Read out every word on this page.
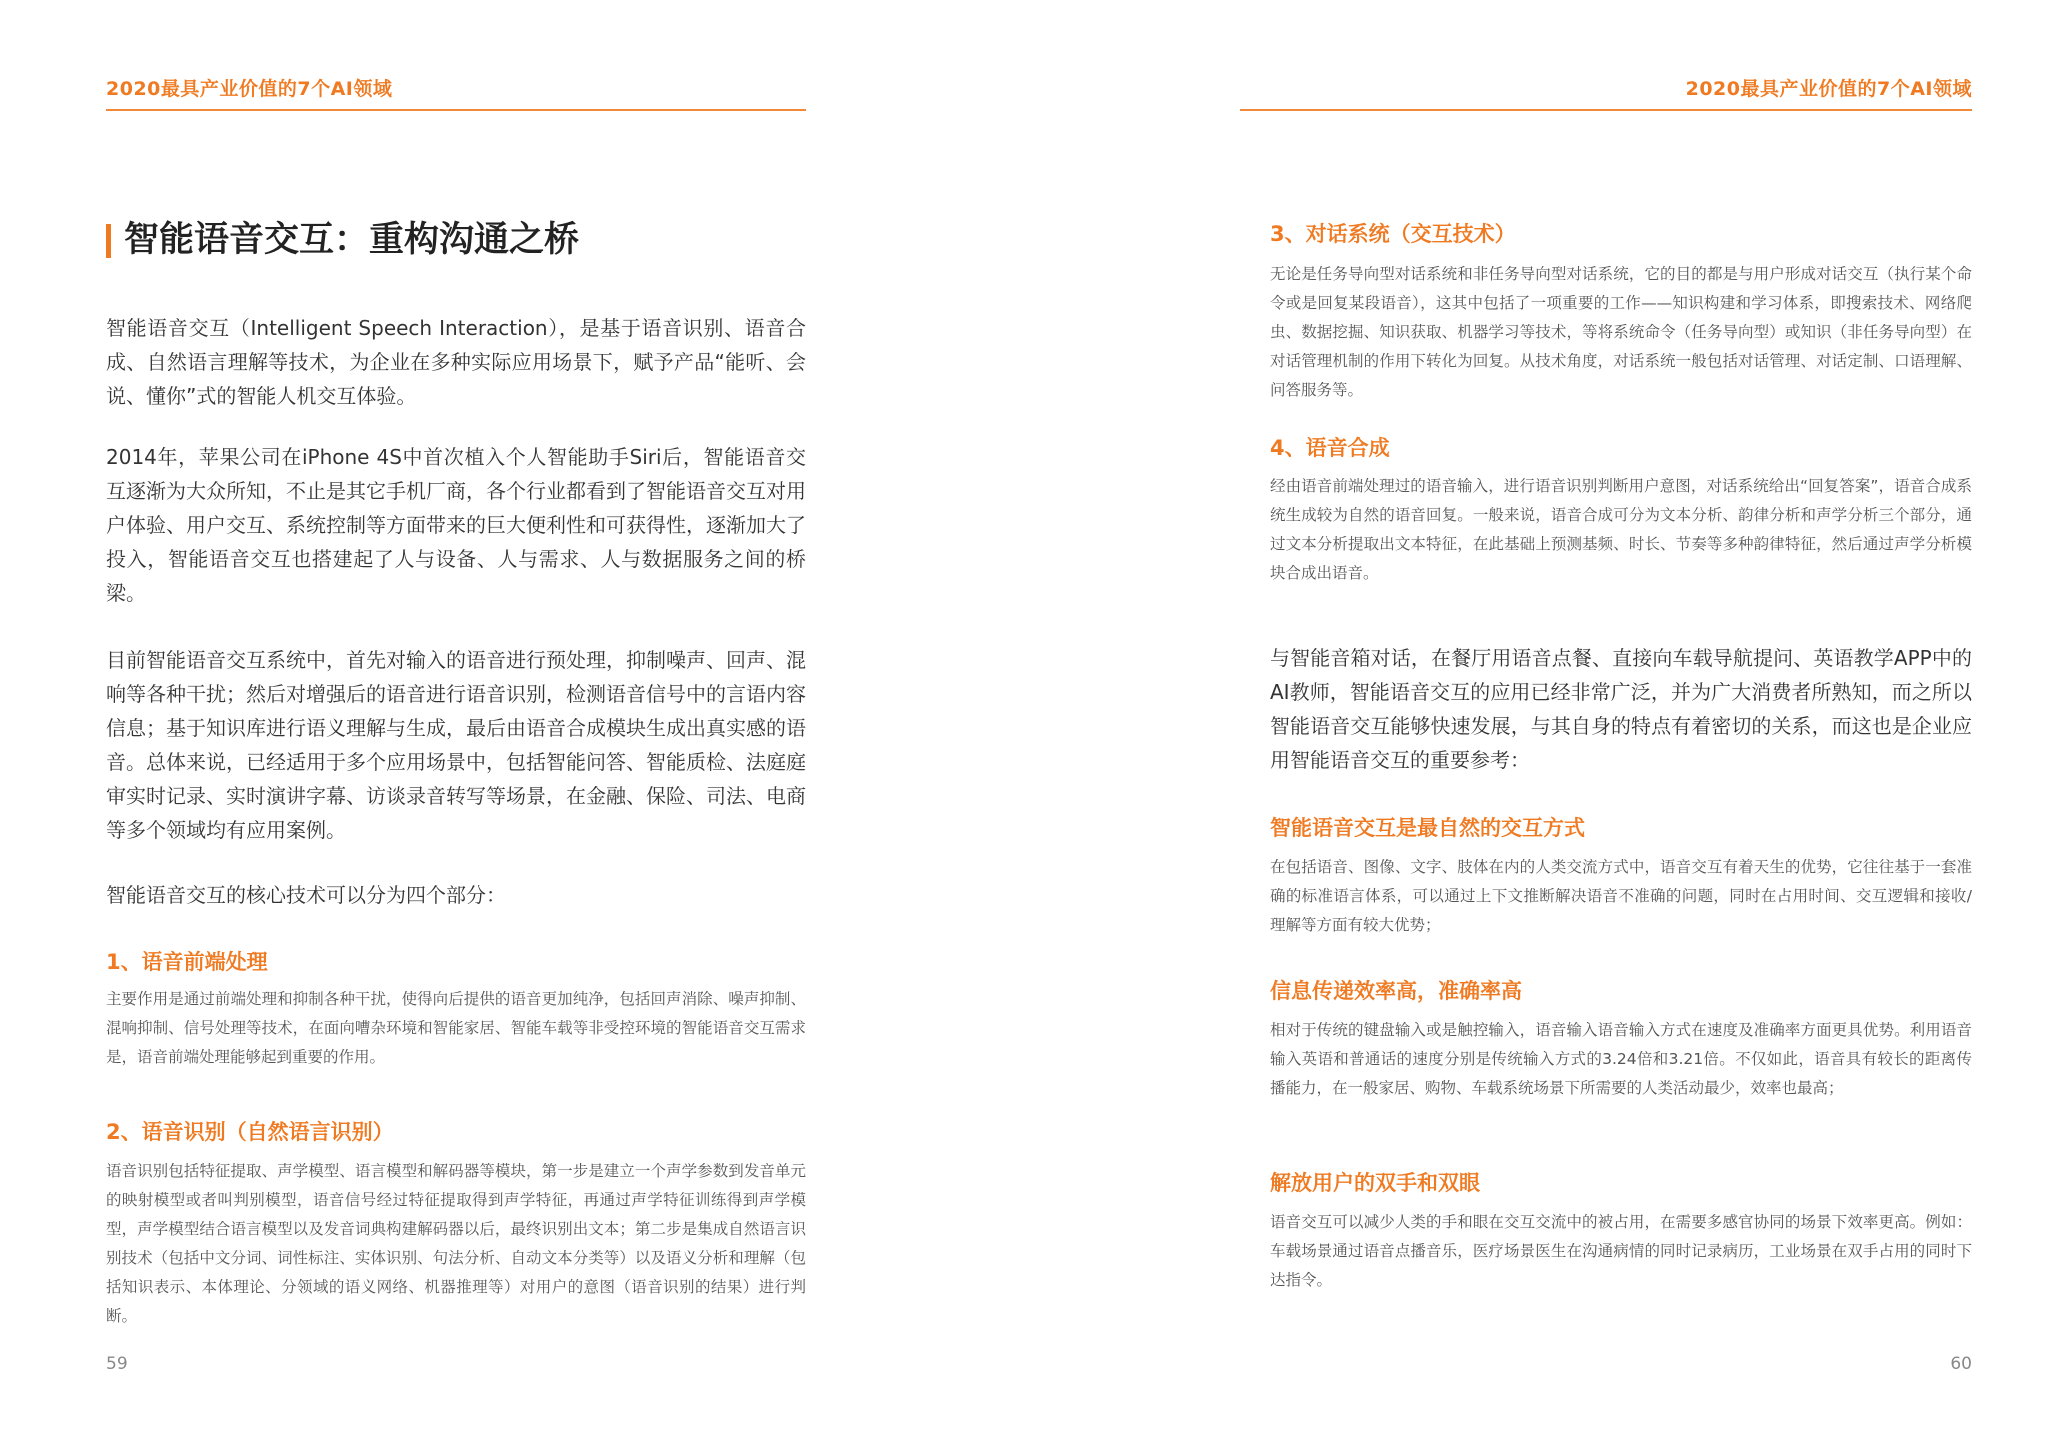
2020最具产业价值的7个AI领域	2020最具产业价值的7个AI领域
智能语音交互：重构沟通之桥

智能语音交互（Intelligent Speech Interaction），是基于语音识别、语音合成、自然语言理解等技术，为企业在多种实际应用场景下，赋予产品“能听、会说、懂你”式的智能人机交互体验。

2014年，苹果公司在iPhone 4S中首次植入个人智能助手Siri后，智能语音交互逐渐为大众所知，不止是其它手机厂商，各个行业都看到了智能语音交互对用户体验、用户交互、系统控制等方面带来的巨大便利性和可获得性，逐渐加大了投入，智能语音交互也搭建起了人与设备、人与需求、人与数据服务之间的桥梁。

目前智能语音交互系统中，首先对输入的语音进行预处理，抑制噪声、回声、混响等各种干扰；然后对增强后的语音进行语音识别，检测语音信号中的言语内容信息；基于知识库进行语义理解与生成，最后由语音合成模块生成出真实感的语音。总体来说，已经适用于多个应用场景中，包括智能问答、智能质检、法庭庭审实时记录、实时演讲字幕、访谈录音转写等场景，在金融、保险、司法、电商等多个领域均有应用案例。

智能语音交互的核心技术可以分为四个部分：

1、语音前端处理

主要作用是通过前端处理和抑制各种干扰，使得向后提供的语音更加纯净，包括回声消除、噪声抑制、混响抑制、信号处理等技术，在面向嘈杂环境和智能家居、智能车载等非受控环境的智能语音交互需求是，语音前端处理能够起到重要的作用。

2、语音识别（自然语言识别）

语音识别包括特征提取、声学模型、语言模型和解码器等模块，第一步是建立一个声学参数到发音单元的映射模型或者叫判别模型，语音信号经过特征提取得到声学特征，再通过声学特征训练得到声学模型，声学模型结合语言模型以及发音词典构建解码器以后，最终识别出文本；第二步是集成自然语言识别技术（包括中文分词、词性标注、实体识别、句法分析、自动文本分类等）以及语义分析和理解（包括知识表示、本体理论、分领域的语义网络、机器推理等）对用户的意图（语音识别的结果）进行判断。

59
3、对话系统（交互技术）

无论是任务导向型对话系统和非任务导向型对话系统，它的目的都是与用户形成对话交互（执行某个命令或是回复某段语音），这其中包括了一项重要的工作——知识构建和学习体系，即搜索技术、网络爬虫、数据挖掘、知识获取、机器学习等技术，等将系统命令（任务导向型）或知识（非任务导向型）在对话管理机制的作用下转化为回复。从技术角度，对话系统一般包括对话管理、对话定制、口语理解、问答服务等。

4、语音合成

经由语音前端处理过的语音输入，进行语音识别判断用户意图，对话系统给出“回复答案”，语音合成系统生成较为自然的语音回复。一般来说，语音合成可分为文本分析、韵律分析和声学分析三个部分，通过文本分析提取出文本特征，在此基础上预测基频、时长、节奏等多种韵律特征，然后通过声学分析模块合成出语音。

与智能音箱对话，在餐厅用语音点餐、直接向车载导航提问、英语教学APP中的AI教师，智能语音交互的应用已经非常广泛，并为广大消费者所熟知，而之所以智能语音交互能够快速发展，与其自身的特点有着密切的关系，而这也是企业应用智能语音交互的重要参考：

智能语音交互是最自然的交互方式

在包括语音、图像、文字、肢体在内的人类交流方式中，语音交互有着天生的优势，它往往基于一套准确的标准语言体系，可以通过上下文推断解决语音不准确的问题，同时在占用时间、交互逻辑和接收/理解等方面有较大优势；

信息传递效率高，准确率高

相对于传统的键盘输入或是触控输入，语音输入语音输入方式在速度及准确率方面更具优势。利用语音输入英语和普通话的速度分别是传统输入方式的3.24倍和3.21倍。不仅如此，语音具有较长的距离传播能力，在一般家居、购物、车载系统场景下所需要的人类活动最少，效率也最高；

解放用户的双手和双眼

语音交互可以减少人类的手和眼在交互交流中的被占用，在需要多感官协同的场景下效率更高。例如：车载场景通过语音点播音乐，医疗场景医生在沟通病情的同时记录病历，工业场景在双手占用的同时下达指令。

60
